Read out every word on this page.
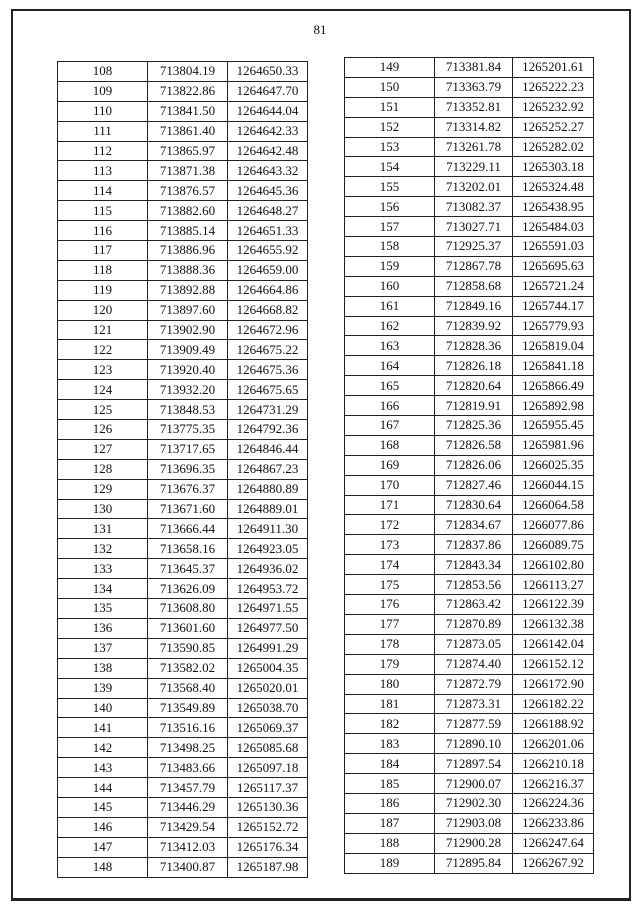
81
108	713804.19	1264650.33
109	713822.86	1264647.70
110	713841.50	1264644.04
111	713861.40	1264642.33
112	713865.97	1264642.48
113	713871.38	1264643.32
114	713876.57	1264645.36
115	713882.60	1264648.27
116	713885.14	1264651.33
117	713886.96	1264655.92
118	713888.36	1264659.00
119	713892.88	1264664.86
120	713897.60	1264668.82
121	713902.90	1264672.96
122	713909.49	1264675.22
123	713920.40	1264675.36
124	713932.20	1264675.65
125	713848.53	1264731.29
126	713775.35	1264792.36
127	713717.65	1264846.44
128	713696.35	1264867.23
129	713676.37	1264880.89
130	713671.60	1264889.01
131	713666.44	1264911.30
132	713658.16	1264923.05
133	713645.37	1264936.02
134	713626.09	1264953.72
135	713608.80	1264971.55
136	713601.60	1264977.50
137	713590.85	1264991.29
138	713582.02	1265004.35
139	713568.40	1265020.01
140	713549.89	1265038.70
141	713516.16	1265069.37
142	713498.25	1265085.68
143	713483.66	1265097.18
144	713457.79	1265117.37
145	713446.29	1265130.36
146	713429.54	1265152.72
147	713412.03	1265176.34
148	713400.87	1265187.98
149	713381.84	1265201.61
150	713363.79	1265222.23
151	713352.81	1265232.92
152	713314.82	1265252.27
153	713261.78	1265282.02
154	713229.11	1265303.18
155	713202.01	1265324.48
156	713082.37	1265438.95
157	713027.71	1265484.03
158	712925.37	1265591.03
159	712867.78	1265695.63
160	712858.68	1265721.24
161	712849.16	1265744.17
162	712839.92	1265779.93
163	712828.36	1265819.04
164	712826.18	1265841.18
165	712820.64	1265866.49
166	712819.91	1265892.98
167	712825.36	1265955.45
168	712826.58	1265981.96
169	712826.06	1266025.35
170	712827.46	1266044.15
171	712830.64	1266064.58
172	712834.67	1266077.86
173	712837.86	1266089.75
174	712843.34	1266102.80
175	712853.56	1266113.27
176	712863.42	1266122.39
177	712870.89	1266132.38
178	712873.05	1266142.04
179	712874.40	1266152.12
180	712872.79	1266172.90
181	712873.31	1266182.22
182	712877.59	1266188.92
183	712890.10	1266201.06
184	712897.54	1266210.18
185	712900.07	1266216.37
186	712902.30	1266224.36
187	712903.08	1266233.86
188	712900.28	1266247.64
189	712895.84	1266267.92
